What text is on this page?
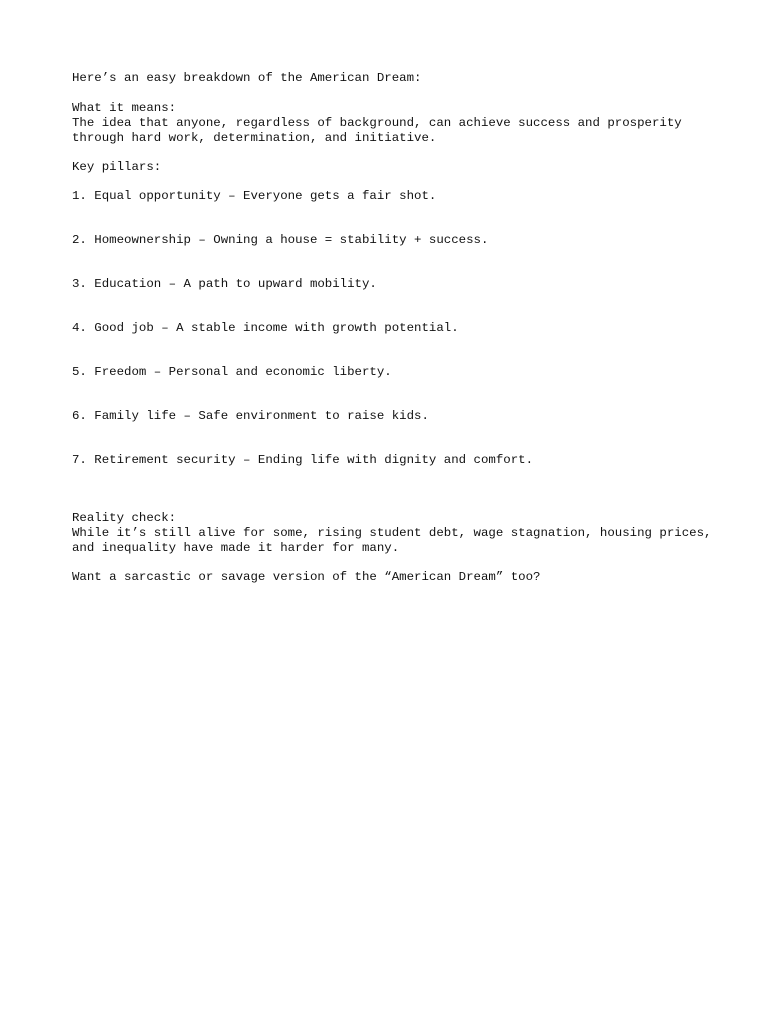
Here’s an easy breakdown of the American Dream:

What it means:

The idea that anyone, regardless of background, can achieve success and prosperity through hard work, determination, and initiative.

Key pillars:

1. Equal opportunity – Everyone gets a fair shot.

2. Homeownership – Owning a house = stability + success.

3. Education – A path to upward mobility.

4. Good job – A stable income with growth potential.

5. Freedom – Personal and economic liberty.

6. Family life – Safe environment to raise kids.

7. Retirement security – Ending life with dignity and comfort.

Reality check:

While it’s still alive for some, rising student debt, wage stagnation, housing prices, and inequality have made it harder for many.

Want a sarcastic or savage version of the “American Dream” too?
